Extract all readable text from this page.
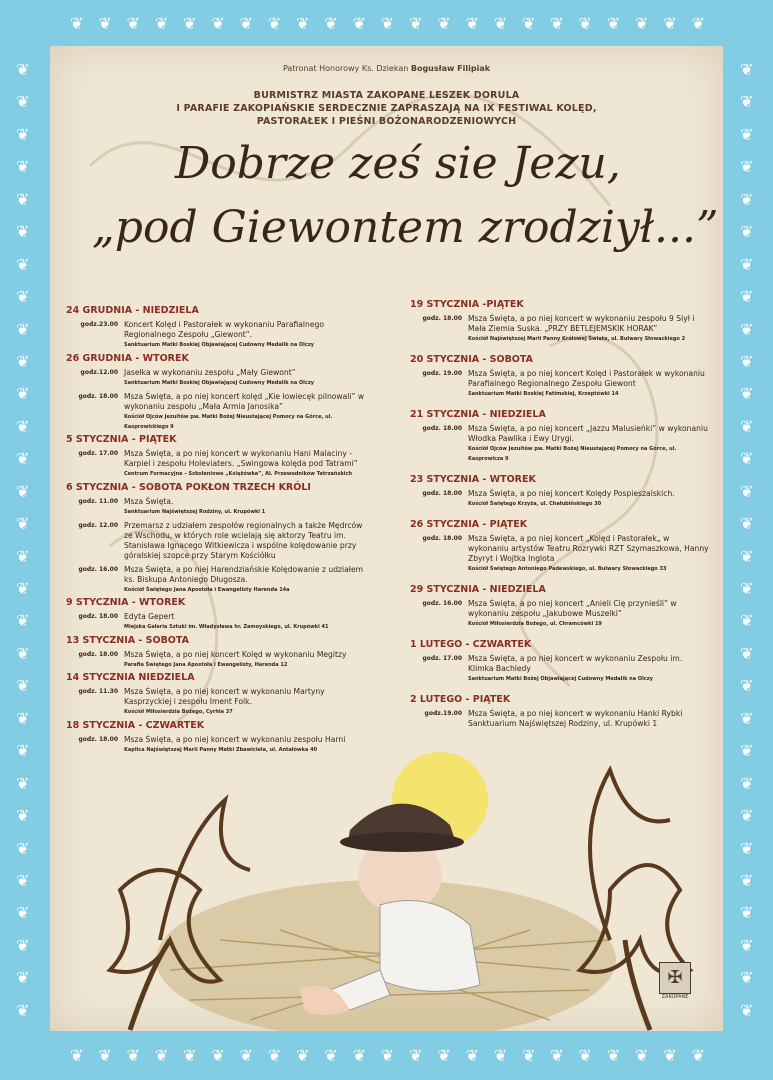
❦ ❦ ❦ ❦ ❦ ❦ ❦ ❦ ❦ ❦ ❦ ❦ ❦ ❦ ❦ ❦ ❦ ❦ ❦ ❦ ❦ ❦ ❦
❦ ❦ ❦ ❦ ❦ ❦ ❦ ❦ ❦ ❦ ❦ ❦ ❦ ❦ ❦ ❦ ❦ ❦ ❦ ❦ ❦ ❦ ❦
❦
❦
❦
❦
❦
❦
❦
❦
❦
❦
❦
❦
❦
❦
❦
❦
❦
❦
❦
❦
❦
❦
❦
❦
❦
❦
❦
❦
❦
❦
❦
❦
❦
❦
❦
❦
❦
❦
❦
❦
❦
❦
❦
❦
❦
❦
❦
❦
❦
❦
❦
❦
❦
❦
❦
❦
❦
❦
❦
❦
Patronat Honorowy Ks. Dziekan Bogusław Filipiak
BURMISTRZ MIASTA ZAKOPANE LESZEK DORULA
I PARAFIE ZAKOPIAŃSKIE SERDECZNIE ZAPRASZAJĄ NA IX FESTIWAL KOLĘD,
PASTORAŁEK I PIEŚNI BOŻONARODZENIOWYCH
Dobrze ześ sie Jezu,
„pod Giewontem zrodziył...”
24 GRUDNIA - NIEDZIELA
godz.23.00 Koncert Kolęd i Pastorałek w wykonaniu Parafialnego Regionalnego Zespołu „Giewont”.
Sanktuarium Matki Boskiej Objawiającej Cudowny Medalik na Olczy
26 GRUDNIA - WTOREK
godz.12.00 Jasełka w wykonaniu zespołu „Mały Giewont”
Sanktuarium Matki Boskiej Objawiającej Cudowny Medalik na Olczy
godz. 18.00 Msza Święta, a po niej koncert kolęd „Kie łowiecęk pilnowali” w wykonaniu zespołu „Mała Armia Janosika”
Kościół Ojców Jezuitów pw. Matki Bożej Nieustającej Pomocy na Górce, ul. Kasprowickiego 9
5 STYCZNIA - PIĄTEK
godz. 17.00 Msza Święta, a po niej koncert w wykonaniu Hani Malaciny - Karpiel i zespołu Holeviaters. „Swingowa kolęda pod Tatrami”
Centrum Formacyjne – Szkoleniowe „Księżówka”, Al. Przewodników Tatrzańskich
6 STYCZNIA - SOBOTA POKŁON TRZECH KRÓLI
godz. 11.00 Msza Święta.
Sanktuarium Najświętszej Rodziny, ul. Krupówki 1
godz. 12.00 Przemarsz z udziałem zespołów regionalnych a także Mędrców ze Wschodu, w których role wcielają się aktorzy Teatru im. Stanisława Ignacego Witkiewicza i wspólne kolędowanie przy góralskiej szopce przy Starym Kościółku
godz. 16.00 Msza Święta, a po niej Harendziańskie Kolędowanie z udziałem ks. Biskupa Antoniego Długosza.
Kościół Świętego Jana Apostoła i Ewangelisty Harenda 14a
9 STYCZNIA - WTOREK
godz. 18.00 Edyta Gepert
Miejska Galeria Sztuki im. Władysława hr. Zamoyskiego, ul. Krupówki 41
13 STYCZNIA - SOBOTA
godz. 18.00 Msza Święta, a po niej koncert Kolęd w wykonaniu Megitzy
Parafia Świętego Jana Apostoła i Ewangelisty, Harenda 12
14 STYCZNIA NIEDZIELA
godz. 11.30 Msza Święta, a po niej koncert w wykonaniu Martyny Kasprzyckiej i zespołu Iment Folk.
Kościół Miłosierdzia Bożego, Cyrhla 37
18 STYCZNIA - CZWARTEK
godz. 18.00 Msza Święta, a po niej koncert w wykonaniu zespołu Harni
Kaplica Najświętszej Marii Panny Matki Zbawiciela, ul. Antałówka 40
19 STYCZNIA -PIĄTEK
godz. 18.00 Msza Święta, a po niej koncert w wykonaniu zespołu 9 Siył i Mała Ziemia Suska. „PRZY BETLEJEMSKIK HORAK”
Kościół Najświętszej Marii Panny Królowej Świata, ul. Bulwary Słowackiego 2
20 STYCZNIA - SOBOTA
godz. 19.00 Msza Święta, a po niej koncert Kolęd i Pastorałek w wykonaniu Parafialnego Regionalnego Zespołu Giewont
Sanktuarium Matki Boskiej Fatimskiej, Krzeptówki 14
21 STYCZNIA - NIEDZIELA
godz. 18.00 Msza Święta, a po niej koncert „Jazzu Malusieńki” w wykonaniu Włodka Pawlika i Ewy Urygi.
Kościół Ojców Jezuitów pw. Matki Bożej Nieustającej Pomocy na Górce, ul. Kasprowicza 9
23 STYCZNIA - WTOREK
godz. 18.00 Msza Święta, a po niej koncert Kolędy Pospieszalskich.
Kościół Świętego Krzyża, ul. Chałubińskiego 30
26 STYCZNIA - PIĄTEK
godz. 18.00 Msza Święta, a po niej koncert „Kolęd i Pastorałek„ w wykonaniu artystów Teatru Rozrywki RZT Szymaszkowa, Hanny Zbyryt i Wojtka Inglota
Kościół Świętego Antoniego Padewskiego, ul. Bulwary Słowackiego 33
29 STYCZNIA - NIEDZIELA
godz. 16.00 Msza Święta, a po niej koncert „Anieli Cię przynieśli” w wykonaniu zespołu „Jakubowe Muszelki”
Kościół Miłosierdzia Bożego, ul. Chramcówki 19
1 LUTEGO - CZWARTEK
godz. 17.00 Msza Święta, a po niej koncert w wykonaniu Zespołu im. Klimka Bachledy
Sanktuarium Matki Bożej Objawiającej Cudowny Medalik na Olczy
2 LUTEGO - PIĄTEK
godz.19.00 Msza Święta, a po niej koncert w wykonaniu Hanki Rybki Sanktuarium Najświętszej Rodziny, ul. Krupówki 1
✠
ZAKOPANE
